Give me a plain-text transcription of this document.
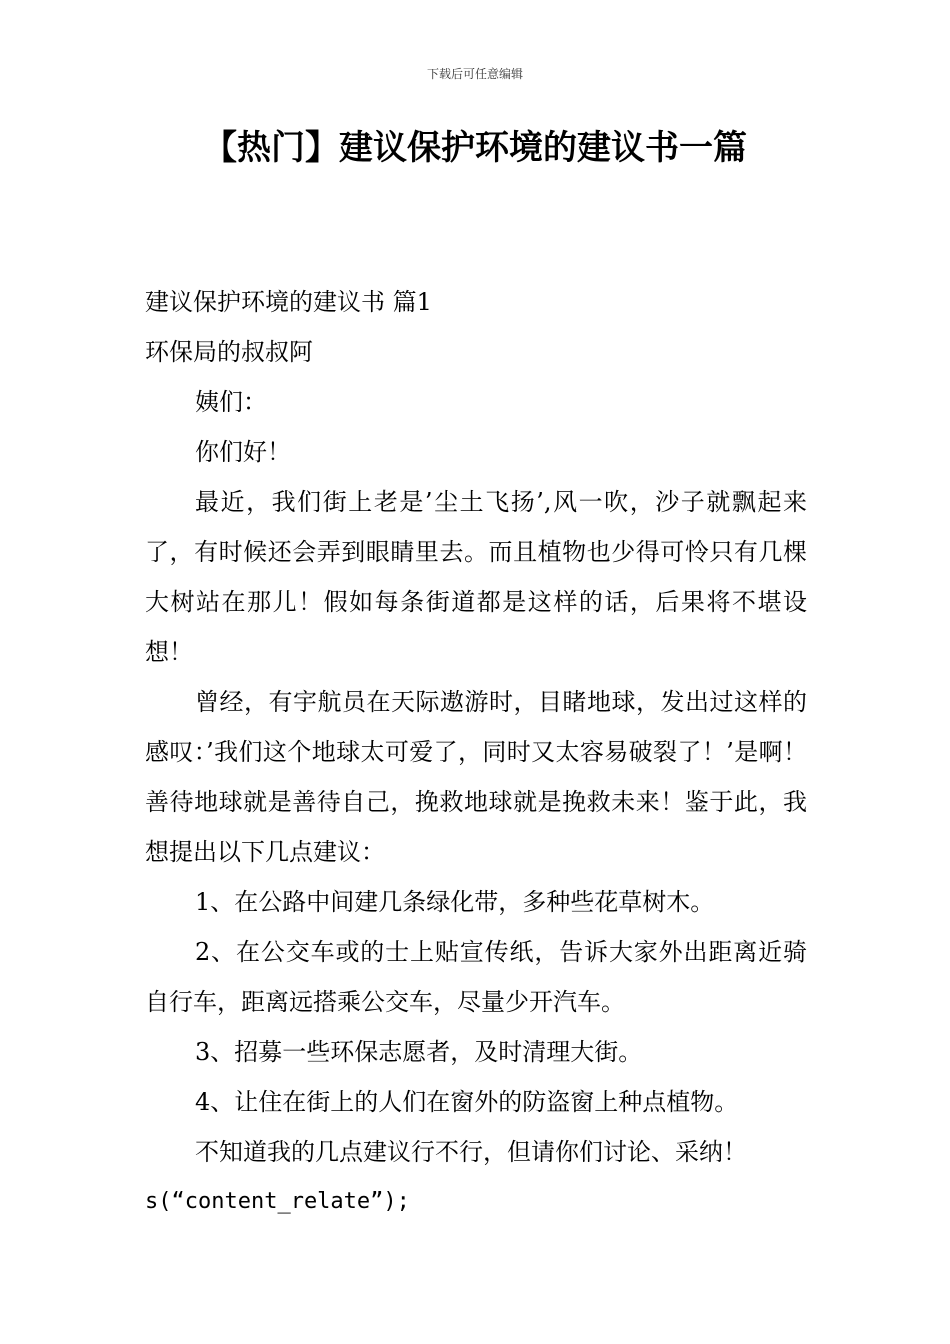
下载后可任意编辑
【热门】建议保护环境的建议书一篇

建议保护环境的建议书 篇1

环保局的叔叔阿

姨们：

你们好！

最近，我们街上老是’尘土飞扬’,风一吹，沙子就飘起来了，有时候还会弄到眼睛里去。而且植物也少得可怜只有几棵大树站在那儿！假如每条街道都是这样的话，后果将不堪设想！

曾经，有宇航员在天际遨游时，目睹地球，发出过这样的感叹：’我们这个地球太可爱了，同时又太容易破裂了！’是啊！善待地球就是善待自己，挽救地球就是挽救未来！鉴于此，我想提出以下几点建议：

1、在公路中间建几条绿化带，多种些花草树木。

2、在公交车或的士上贴宣传纸，告诉大家外出距离近骑自行车，距离远搭乘公交车，尽量少开汽车。

3、招募一些环保志愿者，及时清理大街。

4、让住在街上的人们在窗外的防盗窗上种点植物。

不知道我的几点建议行不行，但请你们讨论、采纳！

s(“content_relate”);
